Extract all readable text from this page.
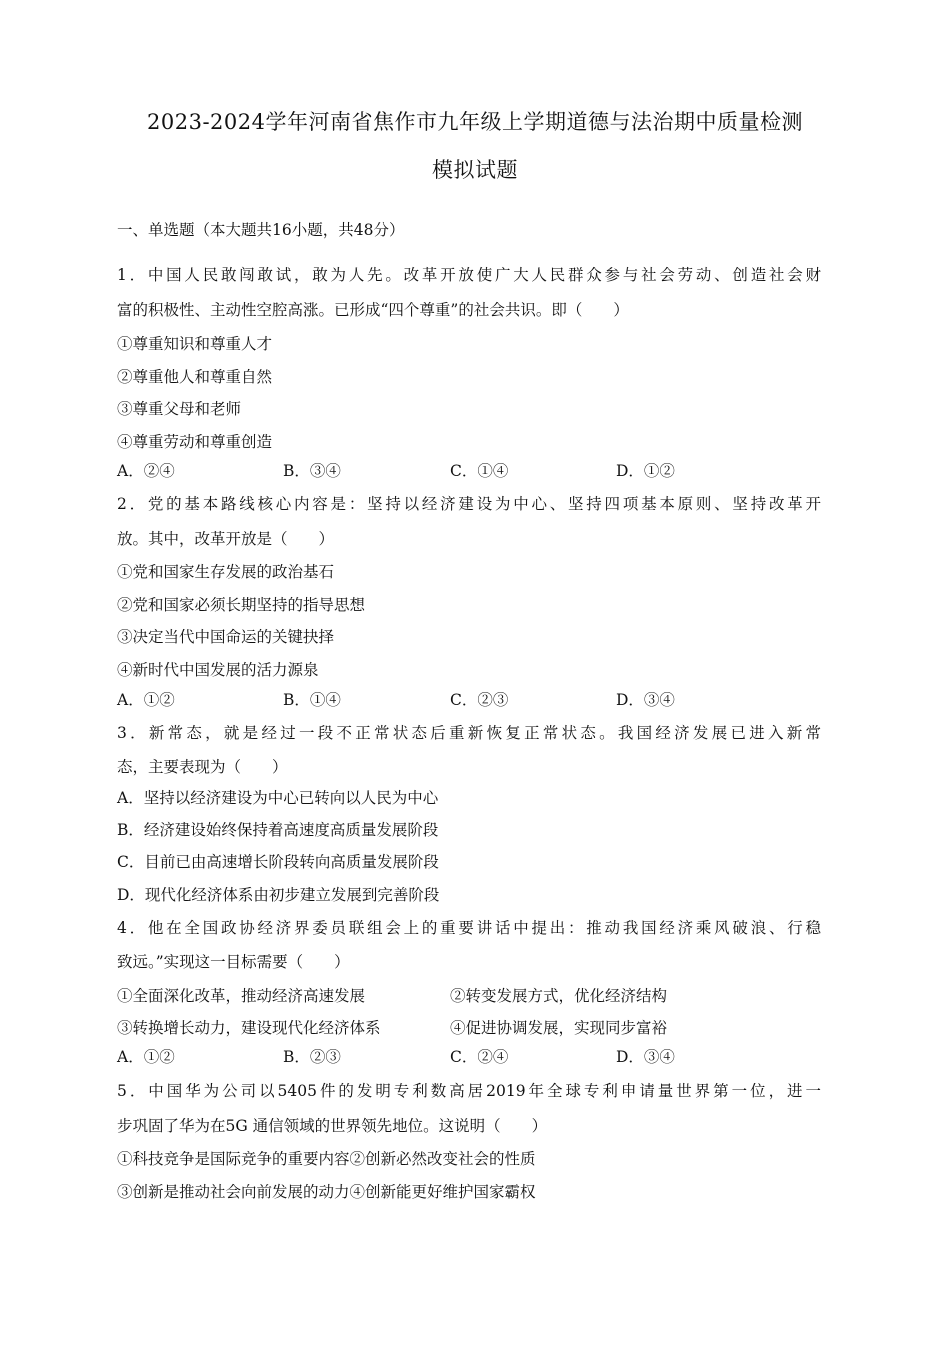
2023-2024学年河南省焦作市九年级上学期道德与法治期中质量检测
模拟试题
一、单选题（本大题共16小题，共48分）
1．中国人民敢闯敢试，敢为人先。改革开放使广大人民群众参与社会劳动、创造社会财
富的积极性、主动性空腔高涨。已形成“四个尊重”的社会共识。即（　　）
①尊重知识和尊重人才
②尊重他人和尊重自然
③尊重父母和老师
④尊重劳动和尊重创造
A．②④	B．③④	C．①④	D．①②
2．党的基本路线核心内容是：坚持以经济建设为中心、坚持四项基本原则、坚持改革开
放。其中，改革开放是（　　）
①党和国家生存发展的政治基石
②党和国家必须长期坚持的指导思想
③决定当代中国命运的关键抉择
④新时代中国发展的活力源泉
A．①②	B．①④	C．②③	D．③④
3．新常态，就是经过一段不正常状态后重新恢复正常状态。我国经济发展已进入新常
态，主要表现为（　　）
A．坚持以经济建设为中心已转向以人民为中心
B．经济建设始终保持着高速度高质量发展阶段
C．目前已由高速增长阶段转向高质量发展阶段
D．现代化经济体系由初步建立发展到完善阶段
4．他在全国政协经济界委员联组会上的重要讲话中提出：推动我国经济乘风破浪、行稳
致远。”实现这一目标需要（　　）
①全面深化改革，推动经济高速发展	②转变发展方式，优化经济结构
③转换增长动力，建设现代化经济体系	④促进协调发展，实现同步富裕
A．①②	B．②③	C．②④	D．③④
5．中国华为公司以5405件的发明专利数高居2019年全球专利申请量世界第一位，进一
步巩固了华为在5G 通信领域的世界领先地位。这说明（　　）
①科技竞争是国际竞争的重要内容②创新必然改变社会的性质
③创新是推动社会向前发展的动力④创新能更好维护国家霸权
